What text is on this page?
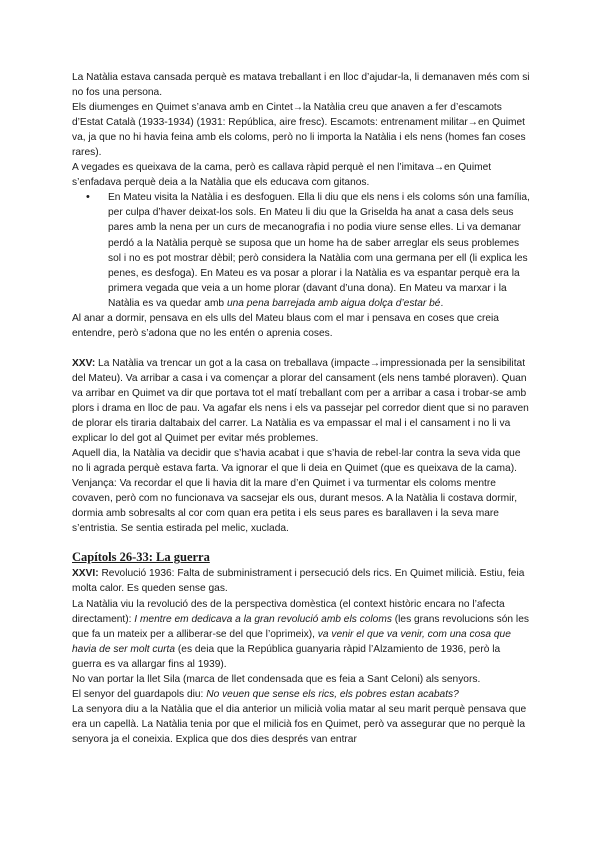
La Natàlia estava cansada perquè es matava treballant i en lloc d’ajudar-la, li demanaven més com si no fos una persona.

Els diumenges en Quimet s’anava amb en Cintet→la Natàlia creu que anaven a fer d’escamots d’Estat Català (1933-1934) (1931: República, aire fresc). Escamots: entrenament militar→en Quimet va, ja que no hi havia feina amb els coloms, però no li importa la Natàlia i els nens (homes fan coses rares).

A vegades es queixava de la cama, però es callava ràpid perquè el nen l’imitava→en Quimet s’enfadava perquè deia a la Natàlia que els educava com gitanos.

• En Mateu visita la Natàlia i es desfoguen. Ella li diu que els nens i els coloms són una família, per culpa d’haver deixat-los sols. En Mateu li diu que la Griselda ha anat a casa dels seus pares amb la nena per un curs de mecanografia i no podia viure sense elles. Li va demanar perdó a la Natàlia perquè se suposa que un home ha de saber arreglar els seus problemes sol i no es pot mostrar dèbil; però considera la Natàlia com una germana per ell (li explica les penes, es desfoga). En Mateu es va posar a plorar i la Natàlia es va espantar perquè era la primera vegada que veia a un home plorar (davant d’una dona). En Mateu va marxar i la Natàlia es va quedar amb una pena barrejada amb aigua dolça d’estar bé.

Al anar a dormir, pensava en els ulls del Mateu blaus com el mar i pensava en coses que creia entendre, però s’adona que no les entén o aprenia coses.

XXV: La Natàlia va trencar un got a la casa on treballava (impacte→impressionada per la sensibilitat del Mateu). Va arribar a casa i va començar a plorar del cansament (els nens també ploraven). Quan va arribar en Quimet va dir que portava tot el matí treballant com per a arribar a casa i trobar-se amb plors i drama en lloc de pau. Va agafar els nens i els va passejar pel corredor dient que si no paraven de plorar els tiraria daltabaix del carrer. La Natàlia es va empassar el mal i el cansament i no li va explicar lo del got al Quimet per evitar més problemes.

Aquell dia, la Natàlia va decidir que s’havia acabat i que s’havia de rebel·lar contra la seva vida que no li agrada perquè estava farta. Va ignorar el que li deia en Quimet (que es queixava de la cama). Venjança: Va recordar el que li havia dit la mare d’en Quimet i va turmentar els coloms mentre covaven, però com no funcionava va sacsejar els ous, durant mesos. A la Natàlia li costava dormir, dormia amb sobresalts al cor com quan era petita i els seus pares es barallaven i la seva mare s’entristia. Se sentia estirada pel melic, xuclada.

Capítols 26-33: La guerra

XXVI: Revolució 1936: Falta de subministrament i persecució dels rics. En Quimet milicià. Estiu, feia molta calor. Es queden sense gas.

La Natàlia viu la revolució des de la perspectiva domèstica (el context històric encara no l’afecta directament): I mentre em dedicava a la gran revolució amb els coloms (les grans revolucions són les que fa un mateix per a alliberar-se del que l’oprimeix), va venir el que va venir, com una cosa que havia de ser molt curta (es deia que la República guanyaria ràpid l’Alzamiento de 1936, però la guerra es va allargar fins al 1939).

No van portar la llet Sila (marca de llet condensada que es feia a Sant Celoni) als senyors.

El senyor del guardapols diu: No veuen que sense els rics, els pobres estan acabats?

La senyora diu a la Natàlia que el dia anterior un milicià volia matar al seu marit perquè pensava que era un capellà. La Natàlia tenia por que el milicià fos en Quimet, però va assegurar que no perquè la senyora ja el coneixia. Explica que dos dies després van entrar
